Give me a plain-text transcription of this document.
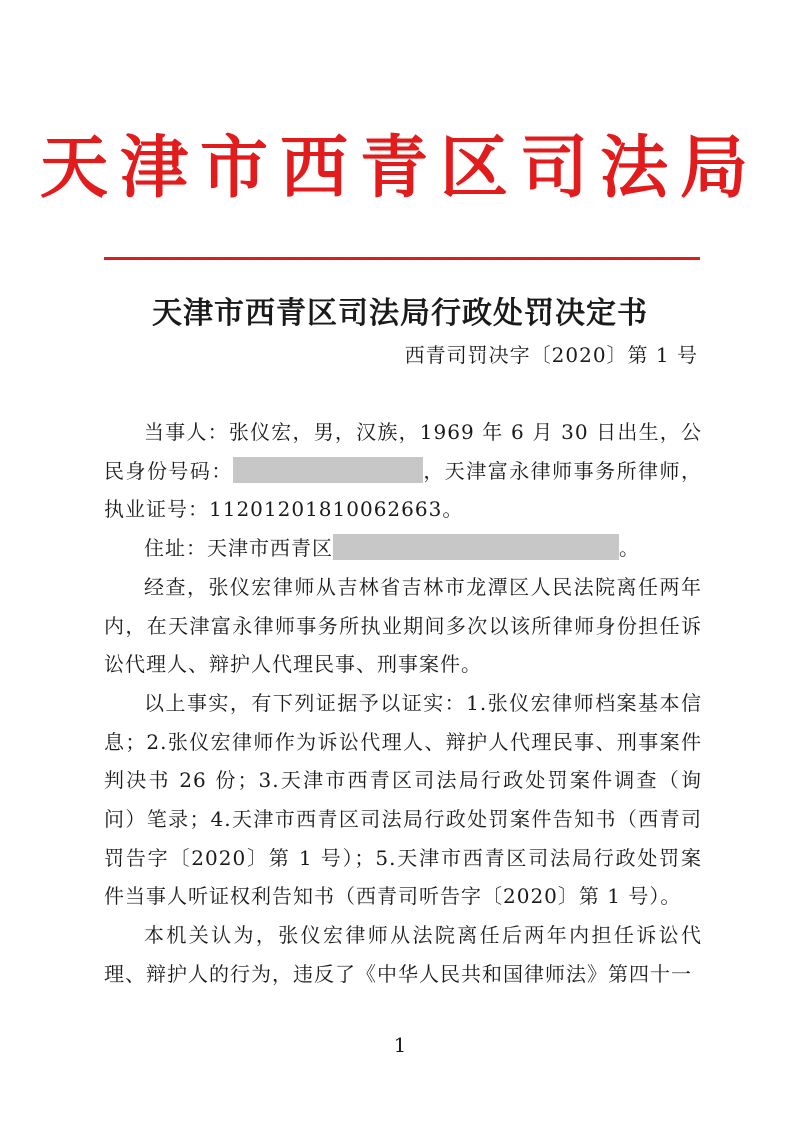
天津市西青区司法局
天津市西青区司法局行政处罚决定书
西青司罚决字〔2020〕第 1 号

当事人：张仪宏，男，汉族，1969 年 6 月 30 日出生，公民身份号码：	，天津富永律师事务所律师，执业证号：11201201810062663。

住址：天津市西青区	。

经查，张仪宏律师从吉林省吉林市龙潭区人民法院离任两年内，在天津富永律师事务所执业期间多次以该所律师身份担任诉讼代理人、辩护人代理民事、刑事案件。

以上事实，有下列证据予以证实：1.张仪宏律师档案基本信息；2.张仪宏律师作为诉讼代理人、辩护人代理民事、刑事案件判决书 26 份；3.天津市西青区司法局行政处罚案件调查（询问）笔录；4.天津市西青区司法局行政处罚案件告知书（西青司罚告字〔2020〕第 1 号）；5.天津市西青区司法局行政处罚案件当事人听证权利告知书（西青司听告字〔2020〕第 1 号）。

本机关认为，张仪宏律师从法院离任后两年内担任诉讼代理、辩护人的行为，违反了《中华人民共和国律师法》第四十一

1
